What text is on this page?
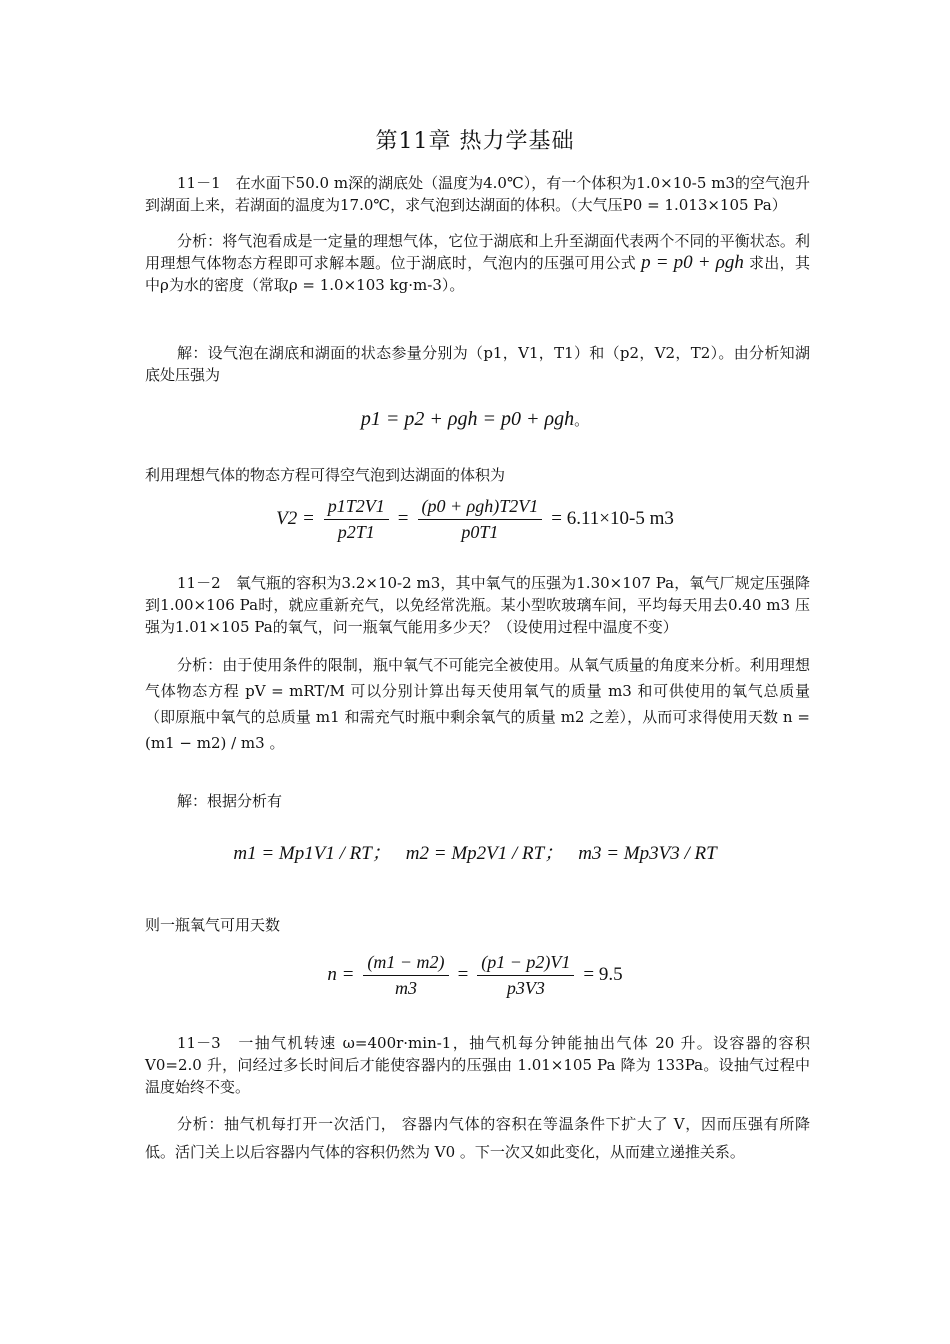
第11章 热力学基础
11－1　在水面下50.0 m深的湖底处（温度为4.0℃），有一个体积为1.0×10-5 m3的空气泡升到湖面上来，若湖面的温度为17.0℃，求气泡到达湖面的体积。（大气压P0 = 1.013×105 Pa）
分析：将气泡看成是一定量的理想气体，它位于湖底和上升至湖面代表两个不同的平衡状态。利用理想气体物态方程即可求解本题。位于湖底时，气泡内的压强可用公式 p = p0 + ρgh 求出，其中ρ为水的密度（常取ρ = 1.0×103 kg·m-3）。
解：设气泡在湖底和湖面的状态参量分别为（p1，V1，T1）和（p2，V2，T2）。由分析知湖底处压强为
p1 = p2 + ρgh = p0 + ρgh。
利用理想气体的物态方程可得空气泡到达湖面的体积为
$V2 = \frac{p1T2V1}{p2T1} = \frac{\text{(p0 + ρgh)T2V1}}{p0T1} = 6.11\times 10-5$ m3
11－2　氧气瓶的容积为3.2×10-2 m3，其中氧气的压强为1.30×107 Pa，氧气厂规定压强降到1.00×106 Pa时，就应重新充气，以免经常洗瓶。某小型吹玻璃车间，平均每天用去0.40 m3 压强为1.01×105 Pa的氧气，问一瓶氧气能用多少天？（设使用过程中温度不变）
分析：由于使用条件的限制，瓶中氧气不可能完全被使用。从氧气质量的角度来分析。利用理想气体物态方程 pV = mRT/M 可以分别计算出每天使用氧气的质量 m3 和可供使用的氧气总质量（即原瓶中氧气的总质量 m1 和需充气时瓶中剩余氧气的质量 m2 之差），从而可求得使用天数 n = (m1 − m2) / m3 。
解：根据分析有
m1 = Mp1V1 / RT； m2 = Mp2V1 / RT； m3 = Mp3V3 / RT
则一瓶氧气可用天数
$n = \frac{(m1 - m2)}{m3} = \frac{(p1 - p2)V1}{p3V3} = 9.5$
11－3　一抽气机转速 ω=400r·min-1，抽气机每分钟能抽出气体 20 升。设容器的容积V0=2.0 升，问经过多长时间后才能使容器内的压强由 1.01×105 Pa 降为 133Pa。设抽气过程中温度始终不变。
分析：抽气机每打开一次活门， 容器内气体的容积在等温条件下扩大了 V，因而压强有所降低。活门关上以后容器内气体的容积仍然为 V0 。下一次又如此变化，从而建立递推关系。
